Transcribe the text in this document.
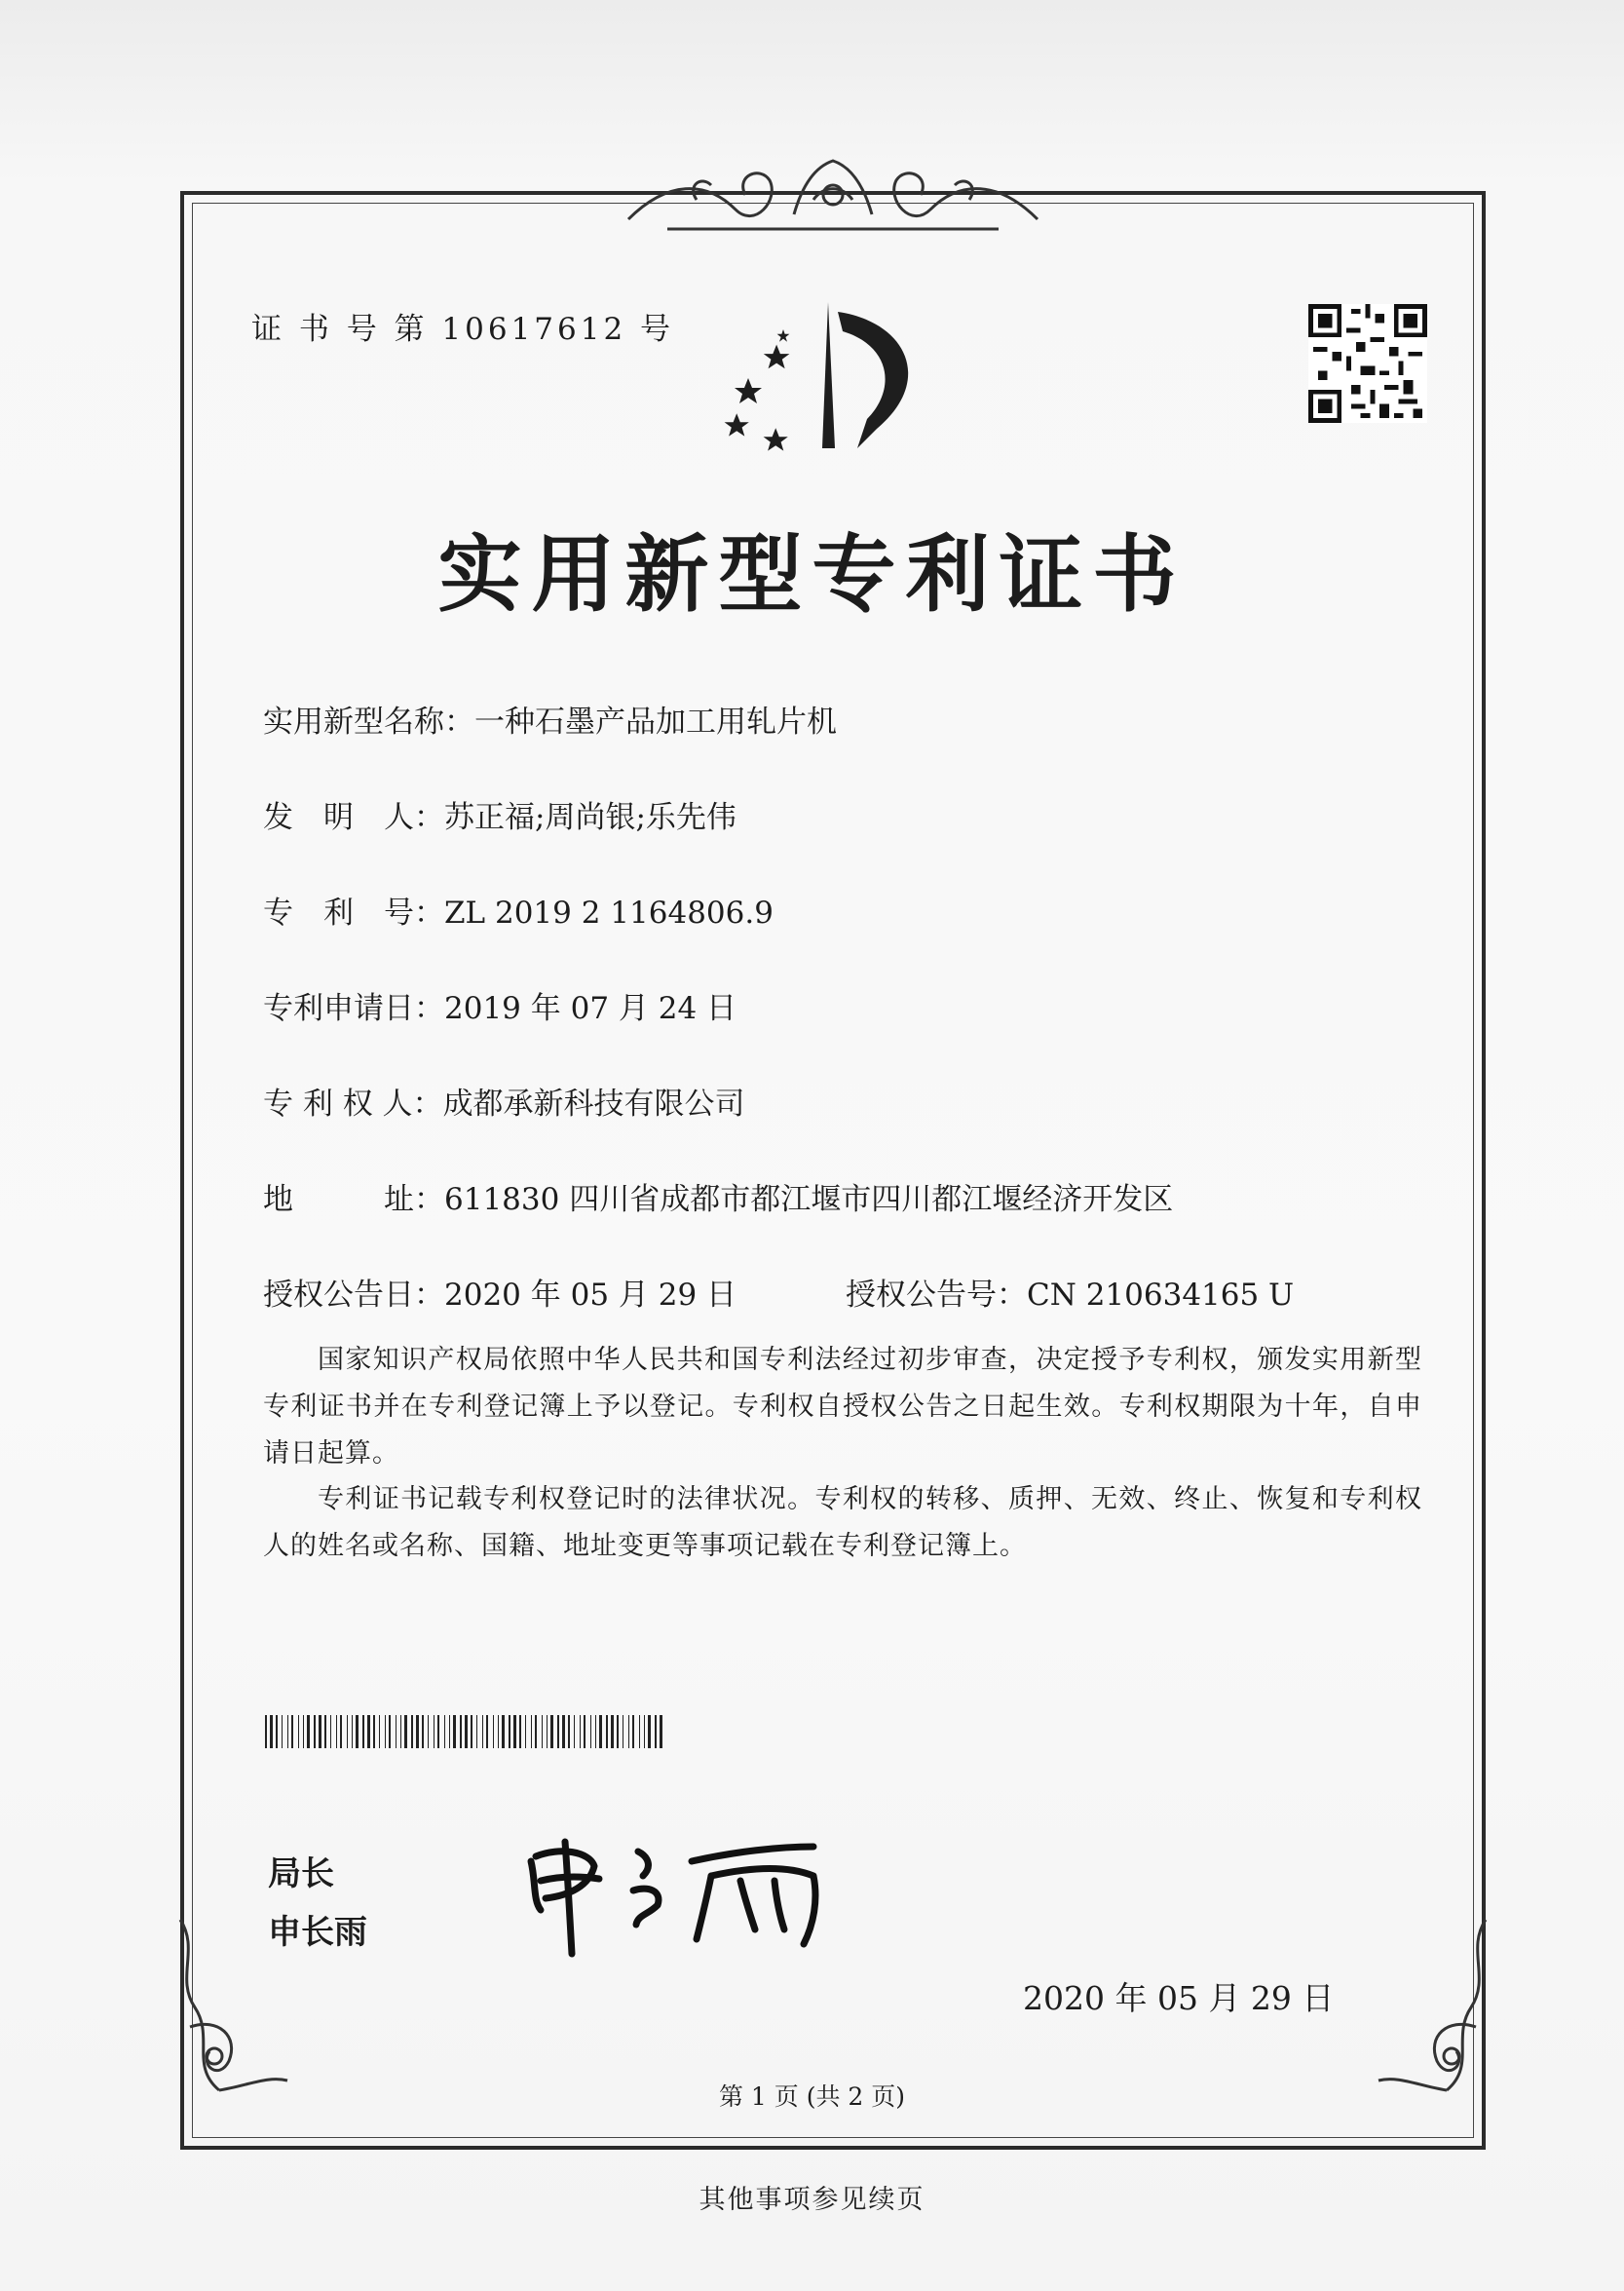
证 书 号 第 10617612 号
实用新型专利证书
实用新型名称：一种石墨产品加工用轧片机
发　明　人：苏正福;周尚银;乐先伟
专　利　号：ZL 2019 2 1164806.9
专利申请日：2019 年 07 月 24 日
专 利 权 人：成都承新科技有限公司
地　　　址：611830 四川省成都市都江堰市四川都江堰经济开发区
授权公告日：2020 年 05 月 29 日	授权公告号：CN 210634165 U
国家知识产权局依照中华人民共和国专利法经过初步审查，决定授予专利权，颁发实用新型专利证书并在专利登记簿上予以登记。专利权自授权公告之日起生效。专利权期限为十年，自申请日起算。
专利证书记载专利权登记时的法律状况。专利权的转移、质押、无效、终止、恢复和专利权人的姓名或名称、国籍、地址变更等事项记载在专利登记簿上。
局长
申长雨
2020 年 05 月 29 日
第 1 页 (共 2 页)
其他事项参见续页
